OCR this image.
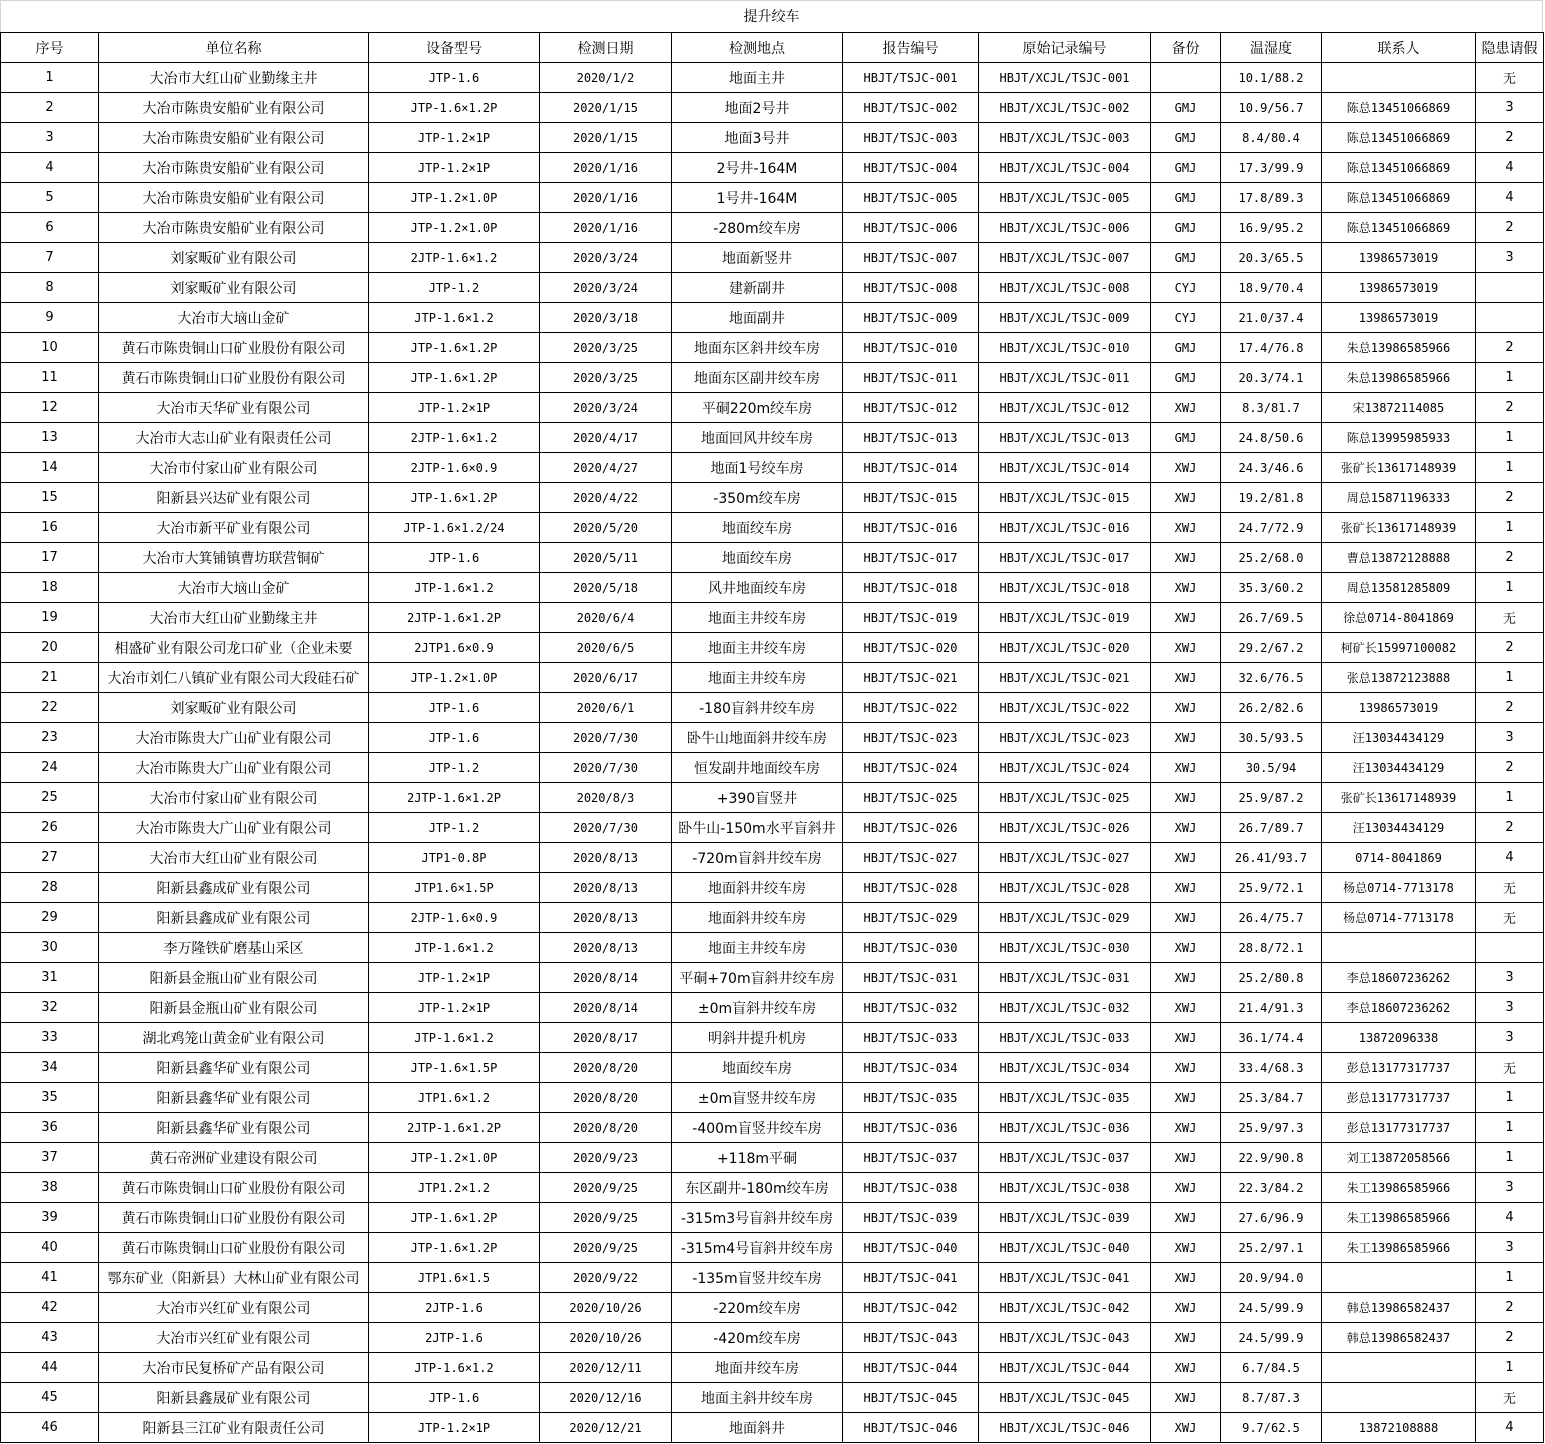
提升绞车
序号	单位名称	设备型号	检测日期	检测地点	报告编号	原始记录编号	备份	温湿度	联系人	隐患请假
1	大冶市大红山矿业勤缘主井	JTP-1.6	2020/1/2	地面主井	HBJT/TSJC-001	HBJT/XCJL/TSJC-001		10.1/88.2		无
2	大冶市陈贵安船矿业有限公司	JTP-1.6×1.2P	2020/1/15	地面2号井	HBJT/TSJC-002	HBJT/XCJL/TSJC-002	GMJ	10.9/56.7	陈总13451066869	3
3	大冶市陈贵安船矿业有限公司	JTP-1.2×1P	2020/1/15	地面3号井	HBJT/TSJC-003	HBJT/XCJL/TSJC-003	GMJ	8.4/80.4	陈总13451066869	2
4	大冶市陈贵安船矿业有限公司	JTP-1.2×1P	2020/1/16	2号井-164M	HBJT/TSJC-004	HBJT/XCJL/TSJC-004	GMJ	17.3/99.9	陈总13451066869	4
5	大冶市陈贵安船矿业有限公司	JTP-1.2×1.0P	2020/1/16	1号井-164M	HBJT/TSJC-005	HBJT/XCJL/TSJC-005	GMJ	17.8/89.3	陈总13451066869	4
6	大冶市陈贵安船矿业有限公司	JTP-1.2×1.0P	2020/1/16	-280m绞车房	HBJT/TSJC-006	HBJT/XCJL/TSJC-006	GMJ	16.9/95.2	陈总13451066869	2
7	刘家畈矿业有限公司	2JTP-1.6×1.2	2020/3/24	地面新竖井	HBJT/TSJC-007	HBJT/XCJL/TSJC-007	GMJ	20.3/65.5	13986573019	3
8	刘家畈矿业有限公司	JTP-1.2	2020/3/24	建新副井	HBJT/TSJC-008	HBJT/XCJL/TSJC-008	CYJ	18.9/70.4	13986573019	
9	大冶市大垴山金矿	JTP-1.6×1.2	2020/3/18	地面副井	HBJT/TSJC-009	HBJT/XCJL/TSJC-009	CYJ	21.0/37.4	13986573019	
10	黄石市陈贵铜山口矿业股份有限公司	JTP-1.6×1.2P	2020/3/25	地面东区斜井绞车房	HBJT/TSJC-010	HBJT/XCJL/TSJC-010	GMJ	17.4/76.8	朱总13986585966	2
11	黄石市陈贵铜山口矿业股份有限公司	JTP-1.6×1.2P	2020/3/25	地面东区副井绞车房	HBJT/TSJC-011	HBJT/XCJL/TSJC-011	GMJ	20.3/74.1	朱总13986585966	1
12	大冶市天华矿业有限公司	JTP-1.2×1P	2020/3/24	平硐220m绞车房	HBJT/TSJC-012	HBJT/XCJL/TSJC-012	XWJ	8.3/81.7	宋13872114085	2
13	大冶市大志山矿业有限责任公司	2JTP-1.6×1.2	2020/4/17	地面回风井绞车房	HBJT/TSJC-013	HBJT/XCJL/TSJC-013	GMJ	24.8/50.6	陈总13995985933	1
14	大冶市付家山矿业有限公司	2JTP-1.6×0.9	2020/4/27	地面1号绞车房	HBJT/TSJC-014	HBJT/XCJL/TSJC-014	XWJ	24.3/46.6	张矿长13617148939	1
15	阳新县兴达矿业有限公司	JTP-1.6×1.2P	2020/4/22	-350m绞车房	HBJT/TSJC-015	HBJT/XCJL/TSJC-015	XWJ	19.2/81.8	周总15871196333	2
16	大冶市新平矿业有限公司	JTP-1.6×1.2/24	2020/5/20	地面绞车房	HBJT/TSJC-016	HBJT/XCJL/TSJC-016	XWJ	24.7/72.9	张矿长13617148939	1
17	大冶市大箕铺镇曹坊联营铜矿	JTP-1.6	2020/5/11	地面绞车房	HBJT/TSJC-017	HBJT/XCJL/TSJC-017	XWJ	25.2/68.0	曹总13872128888	2
18	大冶市大垴山金矿	JTP-1.6×1.2	2020/5/18	风井地面绞车房	HBJT/TSJC-018	HBJT/XCJL/TSJC-018	XWJ	35.3/60.2	周总13581285809	1
19	大冶市大红山矿业勤缘主井	2JTP-1.6×1.2P	2020/6/4	地面主井绞车房	HBJT/TSJC-019	HBJT/XCJL/TSJC-019	XWJ	26.7/69.5	徐总0714-8041869	无
20	相盛矿业有限公司龙口矿业（企业未要	2JTP1.6×0.9	2020/6/5	地面主井绞车房	HBJT/TSJC-020	HBJT/XCJL/TSJC-020	XWJ	29.2/67.2	柯矿长15997100082	2
21	大冶市刘仁八镇矿业有限公司大段硅石矿	JTP-1.2×1.0P	2020/6/17	地面主井绞车房	HBJT/TSJC-021	HBJT/XCJL/TSJC-021	XWJ	32.6/76.5	张总13872123888	1
22	刘家畈矿业有限公司	JTP-1.6	2020/6/1	-180盲斜井绞车房	HBJT/TSJC-022	HBJT/XCJL/TSJC-022	XWJ	26.2/82.6	13986573019	2
23	大冶市陈贵大广山矿业有限公司	JTP-1.6	2020/7/30	卧牛山地面斜井绞车房	HBJT/TSJC-023	HBJT/XCJL/TSJC-023	XWJ	30.5/93.5	汪13034434129	3
24	大冶市陈贵大广山矿业有限公司	JTP-1.2	2020/7/30	恒发副井地面绞车房	HBJT/TSJC-024	HBJT/XCJL/TSJC-024	XWJ	30.5/94	汪13034434129	2
25	大冶市付家山矿业有限公司	2JTP-1.6×1.2P	2020/8/3	+390盲竖井	HBJT/TSJC-025	HBJT/XCJL/TSJC-025	XWJ	25.9/87.2	张矿长13617148939	1
26	大冶市陈贵大广山矿业有限公司	JTP-1.2	2020/7/30	卧牛山-150m水平盲斜井	HBJT/TSJC-026	HBJT/XCJL/TSJC-026	XWJ	26.7/89.7	汪13034434129	2
27	大冶市大红山矿业有限公司	JTP1-0.8P	2020/8/13	-720m盲斜井绞车房	HBJT/TSJC-027	HBJT/XCJL/TSJC-027	XWJ	26.41/93.7	0714-8041869	4
28	阳新县鑫成矿业有限公司	JTP1.6×1.5P	2020/8/13	地面斜井绞车房	HBJT/TSJC-028	HBJT/XCJL/TSJC-028	XWJ	25.9/72.1	杨总0714-7713178	无
29	阳新县鑫成矿业有限公司	2JTP-1.6×0.9	2020/8/13	地面斜井绞车房	HBJT/TSJC-029	HBJT/XCJL/TSJC-029	XWJ	26.4/75.7	杨总0714-7713178	无
30	李万隆铁矿磨基山采区	JTP-1.6×1.2	2020/8/13	地面主井绞车房	HBJT/TSJC-030	HBJT/XCJL/TSJC-030	XWJ	28.8/72.1		
31	阳新县金瓶山矿业有限公司	JTP-1.2×1P	2020/8/14	平硐+70m盲斜井绞车房	HBJT/TSJC-031	HBJT/XCJL/TSJC-031	XWJ	25.2/80.8	李总18607236262	3
32	阳新县金瓶山矿业有限公司	JTP-1.2×1P	2020/8/14	±0m盲斜井绞车房	HBJT/TSJC-032	HBJT/XCJL/TSJC-032	XWJ	21.4/91.3	李总18607236262	3
33	湖北鸡笼山黄金矿业有限公司	JTP-1.6×1.2	2020/8/17	明斜井提升机房	HBJT/TSJC-033	HBJT/XCJL/TSJC-033	XWJ	36.1/74.4	13872096338	3
34	阳新县鑫华矿业有限公司	JTP-1.6×1.5P	2020/8/20	地面绞车房	HBJT/TSJC-034	HBJT/XCJL/TSJC-034	XWJ	33.4/68.3	彭总13177317737	无
35	阳新县鑫华矿业有限公司	JTP1.6×1.2	2020/8/20	±0m盲竖井绞车房	HBJT/TSJC-035	HBJT/XCJL/TSJC-035	XWJ	25.3/84.7	彭总13177317737	1
36	阳新县鑫华矿业有限公司	2JTP-1.6×1.2P	2020/8/20	-400m盲竖井绞车房	HBJT/TSJC-036	HBJT/XCJL/TSJC-036	XWJ	25.9/97.3	彭总13177317737	1
37	黄石帝洲矿业建设有限公司	JTP-1.2×1.0P	2020/9/23	+118m平硐	HBJT/TSJC-037	HBJT/XCJL/TSJC-037	XWJ	22.9/90.8	刘工13872058566	1
38	黄石市陈贵铜山口矿业股份有限公司	JTP1.2×1.2	2020/9/25	东区副井-180m绞车房	HBJT/TSJC-038	HBJT/XCJL/TSJC-038	XWJ	22.3/84.2	朱工13986585966	3
39	黄石市陈贵铜山口矿业股份有限公司	JTP-1.6×1.2P	2020/9/25	-315m3号盲斜井绞车房	HBJT/TSJC-039	HBJT/XCJL/TSJC-039	XWJ	27.6/96.9	朱工13986585966	4
40	黄石市陈贵铜山口矿业股份有限公司	JTP-1.6×1.2P	2020/9/25	-315m4号盲斜井绞车房	HBJT/TSJC-040	HBJT/XCJL/TSJC-040	XWJ	25.2/97.1	朱工13986585966	3
41	鄂东矿业（阳新县）大林山矿业有限公司	JTP1.6×1.5	2020/9/22	-135m盲竖井绞车房	HBJT/TSJC-041	HBJT/XCJL/TSJC-041	XWJ	20.9/94.0		1
42	大冶市兴红矿业有限公司	2JTP-1.6	2020/10/26	-220m绞车房	HBJT/TSJC-042	HBJT/XCJL/TSJC-042	XWJ	24.5/99.9	韩总13986582437	2
43	大冶市兴红矿业有限公司	2JTP-1.6	2020/10/26	-420m绞车房	HBJT/TSJC-043	HBJT/XCJL/TSJC-043	XWJ	24.5/99.9	韩总13986582437	2
44	大冶市民复桥矿产品有限公司	JTP-1.6×1.2	2020/12/11	地面井绞车房	HBJT/TSJC-044	HBJT/XCJL/TSJC-044	XWJ	6.7/84.5		1
45	阳新县鑫晟矿业有限公司	JTP-1.6	2020/12/16	地面主斜井绞车房	HBJT/TSJC-045	HBJT/XCJL/TSJC-045	XWJ	8.7/87.3		无
46	阳新县三江矿业有限责任公司	JTP-1.2×1P	2020/12/21	地面斜井	HBJT/TSJC-046	HBJT/XCJL/TSJC-046	XWJ	9.7/62.5	13872108888	4
